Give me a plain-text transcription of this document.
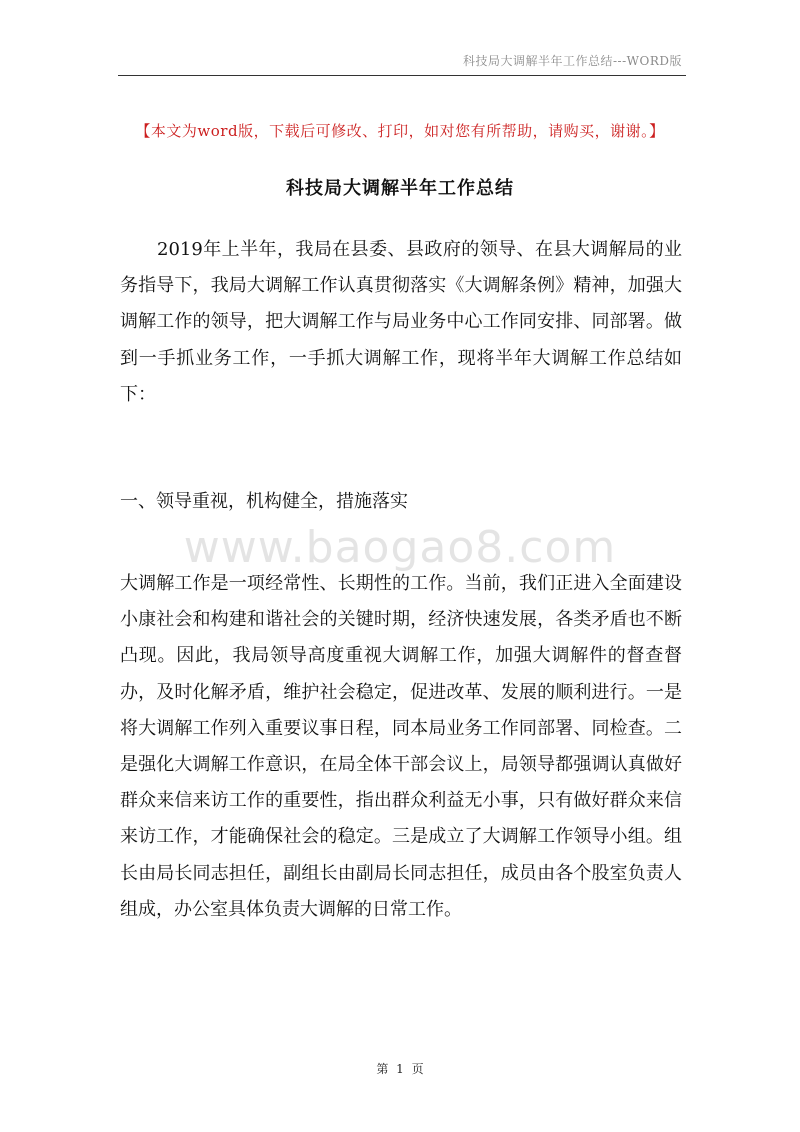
科技局大调解半年工作总结---WORD版
【本文为word版，下载后可修改、打印，如对您有所帮助，请购买，谢谢。】
科技局大调解半年工作总结

2019年上半年，我局在县委、县政府的领导、在县大调解局的业务指导下，我局大调解工作认真贯彻落实《大调解条例》精神，加强大调解工作的领导，把大调解工作与局业务中心工作同安排、同部署。做到一手抓业务工作，一手抓大调解工作，现将半年大调解工作总结如下：

一、领导重视，机构健全，措施落实
www.baogao8.com

大调解工作是一项经常性、长期性的工作。当前，我们正进入全面建设小康社会和构建和谐社会的关键时期，经济快速发展，各类矛盾也不断凸现。因此，我局领导高度重视大调解工作，加强大调解件的督查督办，及时化解矛盾，维护社会稳定，促进改革、发展的顺利进行。一是将大调解工作列入重要议事日程，同本局业务工作同部署、同检查。二是强化大调解工作意识，在局全体干部会议上，局领导都强调认真做好群众来信来访工作的重要性，指出群众利益无小事，只有做好群众来信来访工作，才能确保社会的稳定。三是成立了大调解工作领导小组。组长由局长同志担任，副组长由副局长同志担任，成员由各个股室负责人组成，办公室具体负责大调解的日常工作。

第 1 页
